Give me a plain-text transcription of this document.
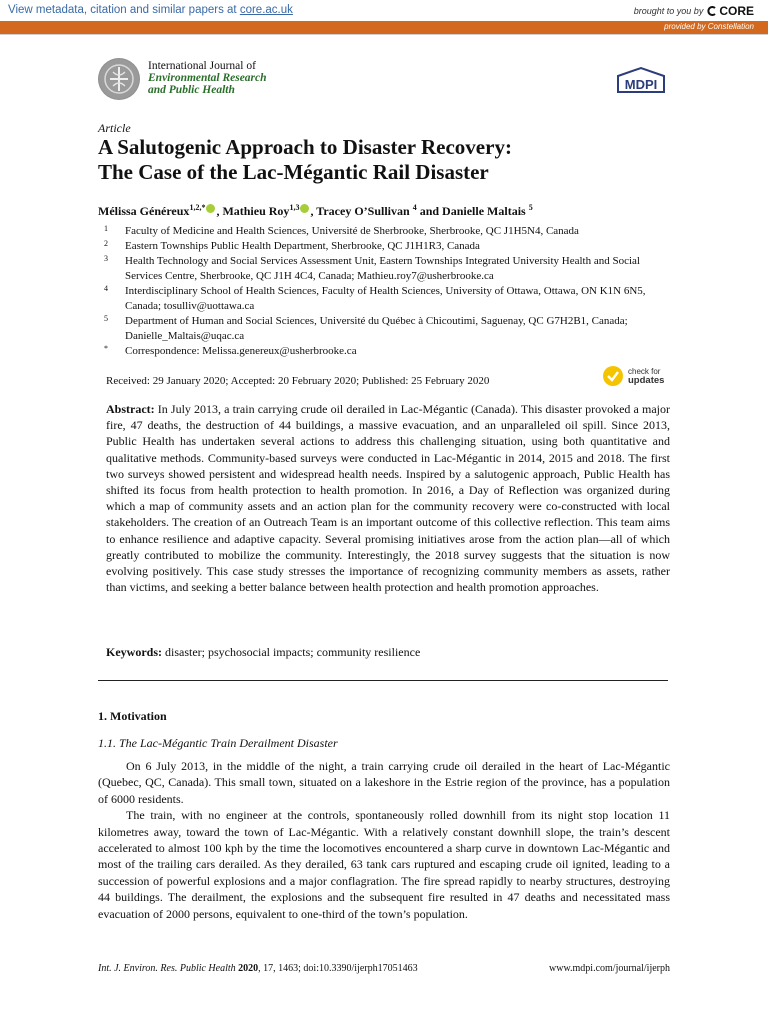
View metadata, citation and similar papers at core.ac.uk	brought to you by CORE
provided by Constellation
International Journal of
Environmental Research
and Public Health	MDPI
Article
A Salutogenic Approach to Disaster Recovery:
The Case of the Lac-Mégantic Rail Disaster
Mélissa Généreux$^{1,2,*}$ , Mathieu Roy$^{1,3}$ , Tracey O’Sullivan $^4$ and Danielle Maltais $^5$
1 Faculty of Medicine and Health Sciences, Université de Sherbrooke, Sherbrooke, QC J1H5N4, Canada
2 Eastern Townships Public Health Department, Sherbrooke, QC J1H1R3, Canada
3 Health Technology and Social Services Assessment Unit, Eastern Townships Integrated University Health and Social Services Centre, Sherbrooke, QC J1H 4C4, Canada; Mathieu.roy7@usherbrooke.ca
4 Interdisciplinary School of Health Sciences, Faculty of Health Sciences, University of Ottawa, Ottawa, ON K1N 6N5, Canada; tosulliv@uottawa.ca
5 Department of Human and Social Sciences, Université du Québec à Chicoutimi, Saguenay, QC G7H2B1, Canada; Danielle_Maltais@uqac.ca
* Correspondence: Melissa.genereux@usherbrooke.ca
Received: 29 January 2020; Accepted: 20 February 2020; Published: 25 February 2020
check for
updates
Abstract: In July 2013, a train carrying crude oil derailed in Lac-Mégantic (Canada). This disaster provoked a major fire, 47 deaths, the destruction of 44 buildings, a massive evacuation, and an unparalleled oil spill. Since 2013, Public Health has undertaken several actions to address this challenging situation, using both quantitative and qualitative methods. Community-based surveys were conducted in Lac-Mégantic in 2014, 2015 and 2018. The first two surveys showed persistent and widespread health needs. Inspired by a salutogenic approach, Public Health has shifted its focus from health protection to health promotion. In 2016, a Day of Reflection was organized during which a map of community assets and an action plan for the community recovery were co-constructed with local stakeholders. The creation of an Outreach Team is an important outcome of this collective reflection. This team aims to enhance resilience and adaptive capacity. Several promising initiatives arose from the action plan—all of which greatly contributed to mobilize the community. Interestingly, the 2018 survey suggests that the situation is now evolving positively. This case study stresses the importance of recognizing community members as assets, rather than victims, and seeking a better balance between health protection and health promotion approaches.
Keywords: disaster; psychosocial impacts; community resilience
1. Motivation
1.1. The Lac-Mégantic Train Derailment Disaster

On 6 July 2013, in the middle of the night, a train carrying crude oil derailed in the heart of Lac-Mégantic (Quebec, QC, Canada). This small town, situated on a lakeshore in the Estrie region of the province, has a population of 6000 residents.

The train, with no engineer at the controls, spontaneously rolled downhill from its night stop location 11 kilometres away, toward the town of Lac-Mégantic. With a relatively constant downhill slope, the train’s descent accelerated to almost 100 kph by the time the locomotives encountered a sharp curve in downtown Lac-Mégantic and most of the trailing cars derailed. As they derailed, 63 tank cars ruptured and escaping crude oil ignited, leading to a succession of powerful explosions and a major conflagration. The fire spread rapidly to nearby structures, destroying 44 buildings. The derailment, the explosions and the subsequent fire resulted in 47 deaths and necessitated mass evacuation of 2000 persons, equivalent to one-third of the town’s population.

Int. J. Environ. Res. Public Health 2020, 17, 1463; doi:10.3390/ijerph17051463	www.mdpi.com/journal/ijerph
